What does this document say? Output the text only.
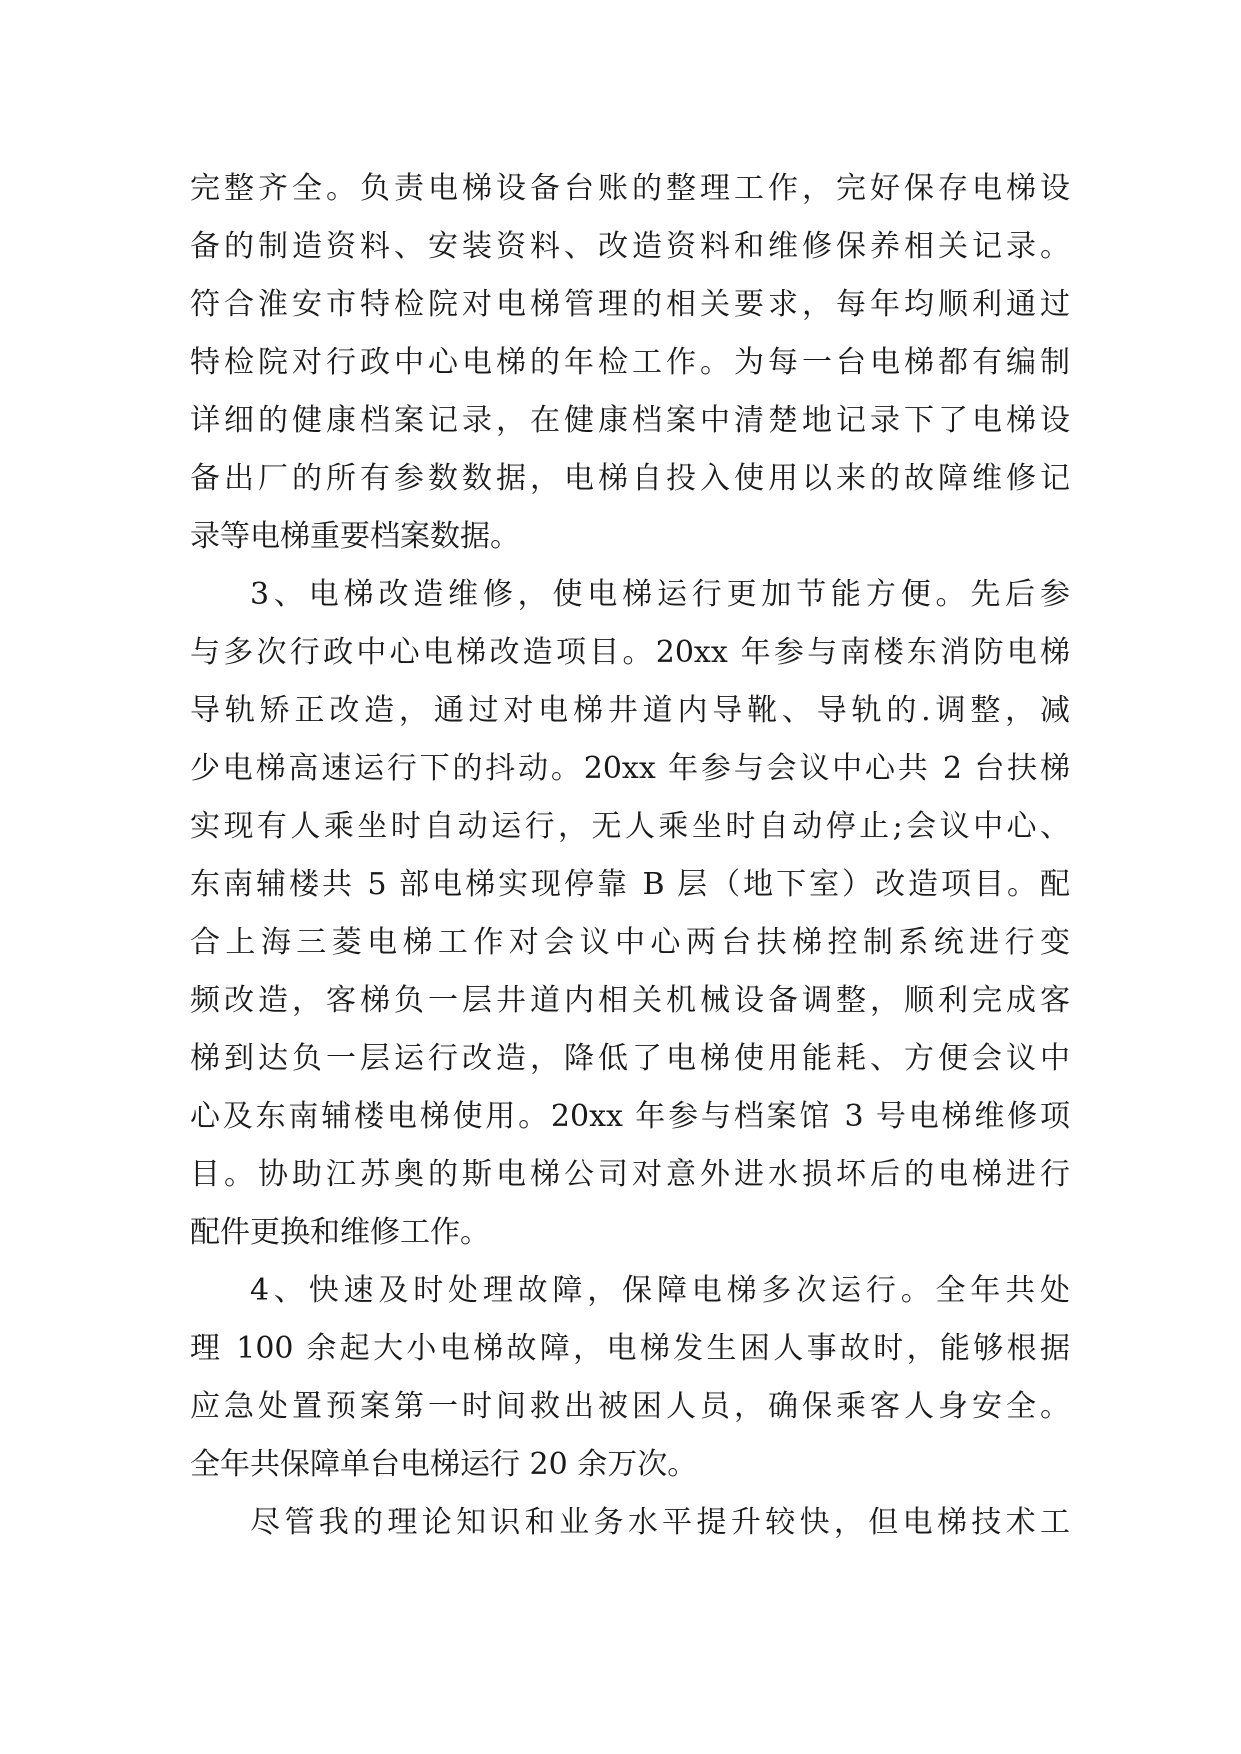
完整齐全。负责电梯设备台账的整理工作，完好保存电梯设
备的制造资料、安装资料、改造资料和维修保养相关记录。
符合淮安市特检院对电梯管理的相关要求，每年均顺利通过
特检院对行政中心电梯的年检工作。为每一台电梯都有编制
详细的健康档案记录，在健康档案中清楚地记录下了电梯设
备出厂的所有参数数据，电梯自投入使用以来的故障维修记
录等电梯重要档案数据。
3、电梯改造维修，使电梯运行更加节能方便。先后参
与多次行政中心电梯改造项目。20xx 年参与南楼东消防电梯
导轨矫正改造，通过对电梯井道内导靴、导轨的.调整，减
少电梯高速运行下的抖动。20xx 年参与会议中心共 2 台扶梯
实现有人乘坐时自动运行，无人乘坐时自动停止;会议中心、
东南辅楼共 5 部电梯实现停靠 B 层（地下室）改造项目。配
合上海三菱电梯工作对会议中心两台扶梯控制系统进行变
频改造，客梯负一层井道内相关机械设备调整，顺利完成客
梯到达负一层运行改造，降低了电梯使用能耗、方便会议中
心及东南辅楼电梯使用。20xx 年参与档案馆 3 号电梯维修项
目。协助江苏奥的斯电梯公司对意外进水损坏后的电梯进行
配件更换和维修工作。
4、快速及时处理故障，保障电梯多次运行。全年共处
理 100 余起大小电梯故障，电梯发生困人事故时，能够根据
应急处置预案第一时间救出被困人员，确保乘客人身安全。
全年共保障单台电梯运行 20 余万次。
尽管我的理论知识和业务水平提升较快，但电梯技术工
